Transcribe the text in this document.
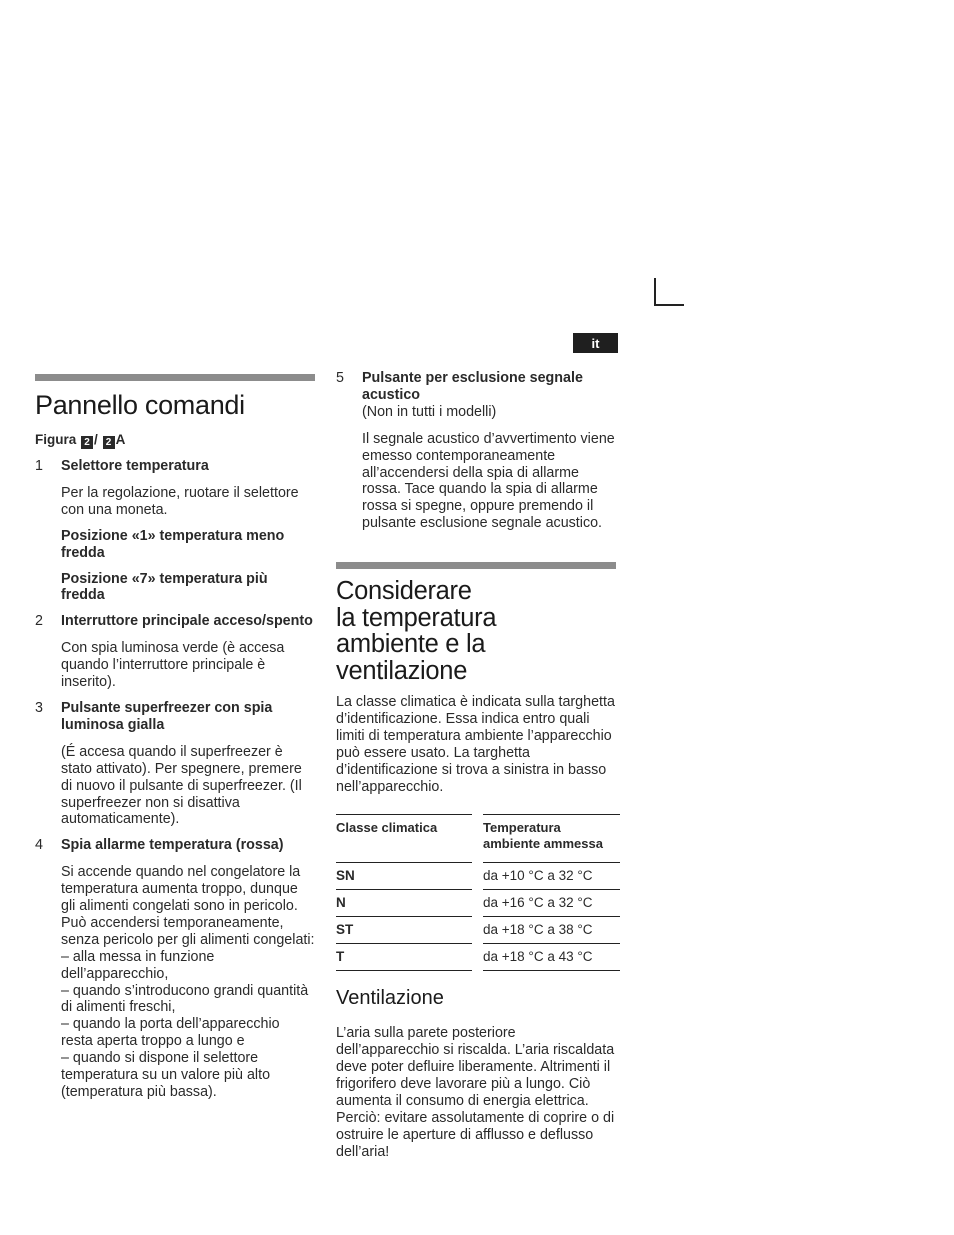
it
Pannello comandi
Figura 2 / 2 A
1	Selettore temperatura
Per la regolazione, ruotare il selettore con una moneta.
Posizione «1» temperatura meno fredda
Posizione «7» temperatura più fredda
2	Interruttore principale acceso/spento
Con spia luminosa verde (è accesa quando l’interruttore principale è inserito).
3	Pulsante superfreezer con spia luminosa gialla
(É accesa quando il superfreezer è stato attivato). Per spegnere, premere di nuovo il pulsante di superfreezer. (Il superfreezer non si disattiva automaticamente).
4	Spia allarme temperatura (rossa)
Si accende quando nel congelatore la temperatura aumenta troppo, dunque gli alimenti congelati sono in pericolo. Può accendersi temporaneamente, senza pericolo per gli alimenti congelati:
– alla messa in funzione dell’apparecchio,
– quando s’introducono grandi quantità di alimenti freschi,
– quando la porta dell’apparecchio resta aperta troppo a lungo e
– quando si dispone il selettore temperatura su un valore più alto (temperatura più bassa).
5	Pulsante per esclusione segnale acustico
(Non in tutti i modelli)
Il segnale acustico d’avvertimento viene emesso contemporaneamente all’accendersi della spia di allarme rossa. Tace quando la spia di allarme rossa si spegne, oppure premendo il pulsante esclusione segnale acustico.
Considerare
la temperatura
ambiente e la
ventilazione
La classe climatica è indicata sulla targhetta d’identificazione. Essa indica entro quali limiti di temperatura ambiente l’apparecchio può essere usato. La targhetta d’identificazione si trova a sinistra in basso nell’apparecchio.
Classe climatica		Temperatura ambiente ammessa
SN		da +10 °C a 32 °C
N		da +16 °C a 32 °C
ST		da +18 °C a 38 °C
T		da +18 °C a 43 °C
Ventilazione
L’aria sulla parete posteriore dell’apparecchio si riscalda. L’aria riscaldata deve poter defluire liberamente. Altrimenti il frigorifero deve lavorare più a lungo. Ciò aumenta il consumo di energia elettrica.
Perciò: evitare assolutamente di coprire o di ostruire le aperture di afflusso e deflusso dell’aria!
